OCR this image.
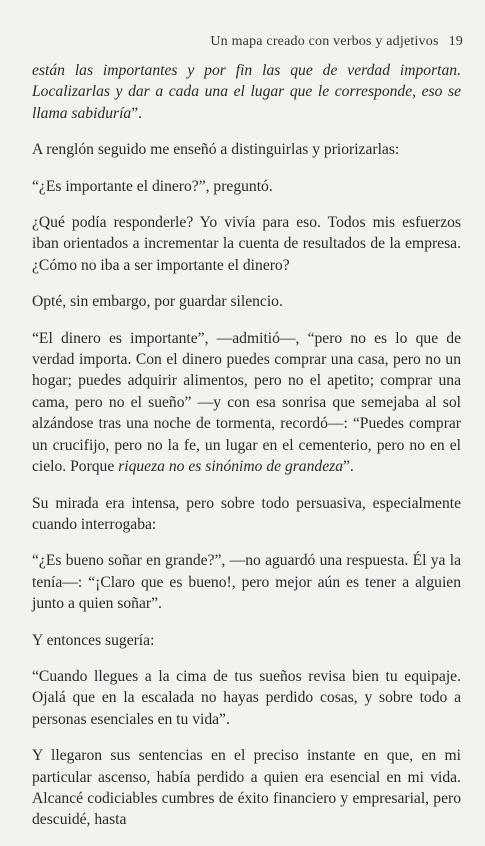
Un mapa creado con verbos y adjetivos 19

están las importantes y por fin las que de verdad importan. Localizarlas y dar a cada una el lugar que le corresponde, eso se llama sabiduría”.

A renglón seguido me enseñó a distinguirlas y priorizarlas:

“¿Es importante el dinero?”, preguntó.

¿Qué podía responderle? Yo vivía para eso. Todos mis esfuerzos iban orientados a incrementar la cuenta de resultados de la empresa. ¿Cómo no iba a ser importante el dinero?

Opté, sin embargo, por guardar silencio.

“El dinero es importante”, —admitió—, “pero no es lo que de verdad importa. Con el dinero puedes comprar una casa, pero no un hogar; puedes adquirir alimentos, pero no el apetito; comprar una cama, pero no el sueño” —y con esa sonrisa que semejaba al sol alzándose tras una noche de tormenta, recordó—: “Puedes comprar un crucifijo, pero no la fe, un lugar en el cementerio, pero no en el cielo. Porque riqueza no es sinónimo de grandeza”.

Su mirada era intensa, pero sobre todo persuasiva, especialmente cuando interrogaba:

“¿Es bueno soñar en grande?”, —no aguardó una respuesta. Él ya la tenía—: “¡Claro que es bueno!, pero mejor aún es tener a alguien junto a quien soñar”.

Y entonces sugería:

“Cuando llegues a la cima de tus sueños revisa bien tu equipaje. Ojalá que en la escalada no hayas perdido cosas, y sobre todo a personas esenciales en tu vida”.

Y llegaron sus sentencias en el preciso instante en que, en mi particular ascenso, había perdido a quien era esencial en mi vida. Alcancé codiciables cumbres de éxito financiero y empresarial, pero descuidé, hasta
